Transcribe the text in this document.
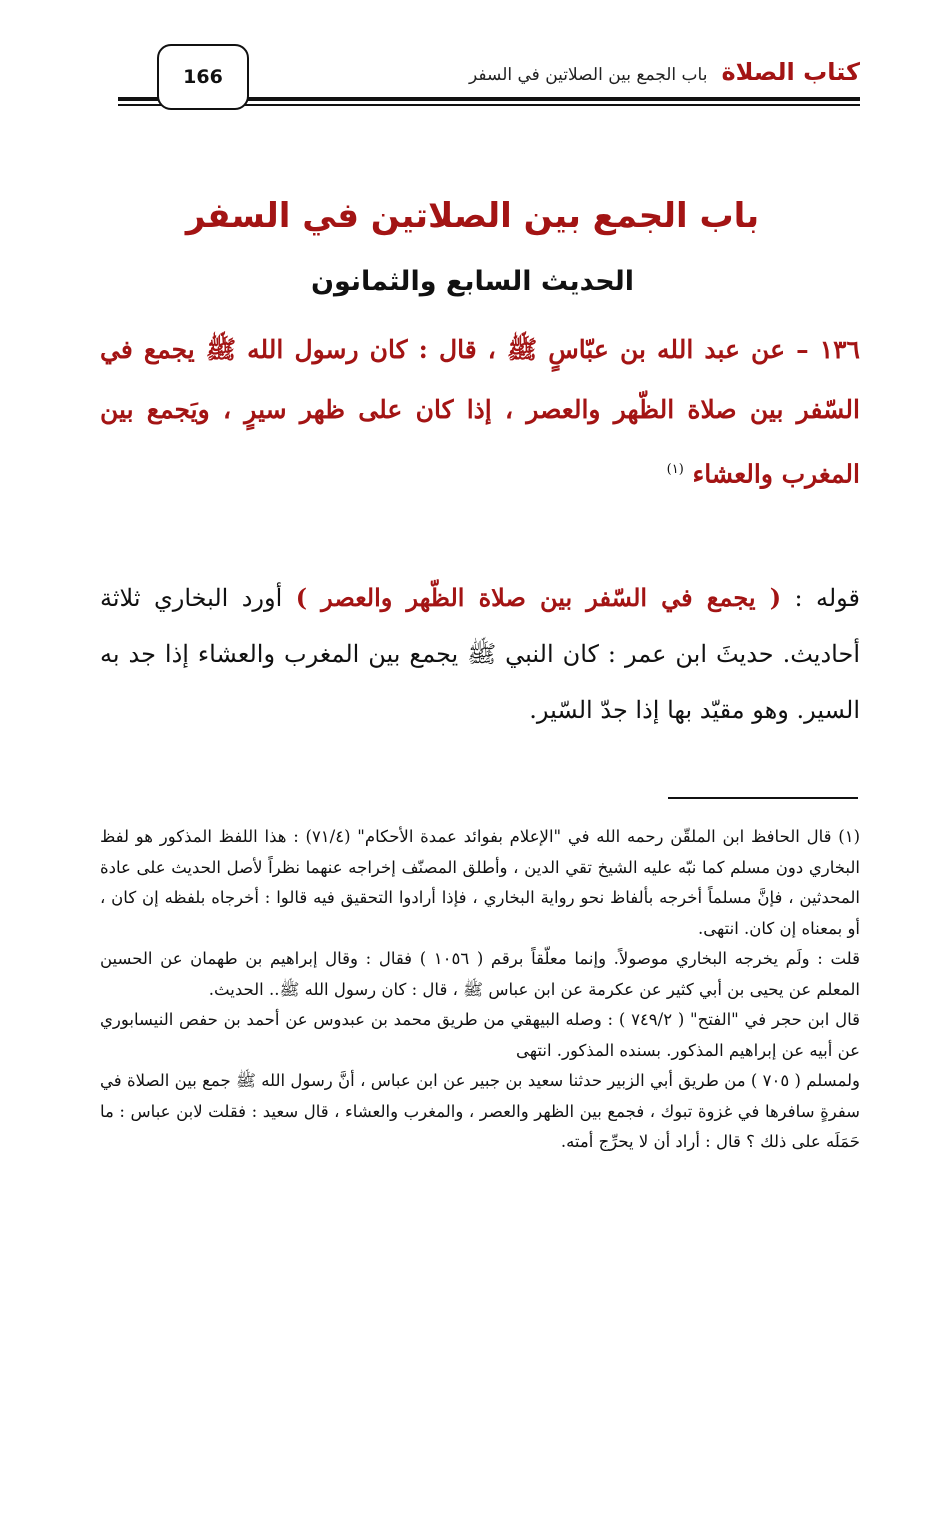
166	كتاب الصلاة
باب الجمع بين الصلاتين في السفر
باب الجمع بين الصلاتين في السفر
الحديث السابع والثمانون
١٣٦ – عن عبد الله بن عبّاسٍ ﷺ ، قال : كان رسول الله ﷺ يجمع في السّفر بين صلاة الظّهر والعصر ، إذا كان على ظهر سيرٍ ، ويَجمع بين المغرب والعشاء $^{(١)}$
قوله : ( يجمع في السّفر بين صلاة الظّهر والعصر ) أورد البخاري ثلاثة أحاديث. حديثَ ابن عمر : كان النبي ﷺ يجمع بين المغرب والعشاء إذا جد به السير. وهو مقيّد بها إذا جدّ السّير.

(١) قال الحافظ ابن الملقّن رحمه الله في "الإعلام بفوائد عمدة الأحكام" (٧١/٤) : هذا اللفظ المذكور هو لفظ البخاري دون مسلم كما نبّه عليه الشيخ تقي الدين ، وأطلق المصنّف إخراجه عنهما نظراً لأصل الحديث على عادة المحدثين ، فإنَّ مسلماً أخرجه بألفاظ نحو رواية البخاري ، فإذا أرادوا التحقيق فيه قالوا : أخرجاه بلفظه إن كان ، أو بمعناه إن كان. انتهى.

قلت : ولَم يخرجه البخاري موصولاً. وإنما معلّقاً برقم ( ١٠٥٦ ) فقال : وقال إبراهيم بن طهمان عن الحسين المعلم عن يحيى بن أبي كثير عن عكرمة عن ابن عباس ﷺ ، قال : كان رسول الله ﷺ.. الحديث.

قال ابن حجر في "الفتح" ( ٧٤٩/٢ ) : وصله البيهقي من طريق محمد بن عبدوس عن أحمد بن حفص النيسابوري عن أبيه عن إبراهيم المذكور. بسنده المذكور. انتهى

ولمسلم ( ٧٠٥ ) من طريق أبي الزبير حدثنا سعيد بن جبير عن ابن عباس ، أنَّ رسول الله ﷺ جمع بين الصلاة في سفرةٍ سافرها في غزوة تبوك ، فجمع بين الظهر والعصر ، والمغرب والعشاء ، قال سعيد : فقلت لابن عباس : ما حَمَلَه على ذلك ؟ قال : أراد أن لا يحرِّج أمته.
